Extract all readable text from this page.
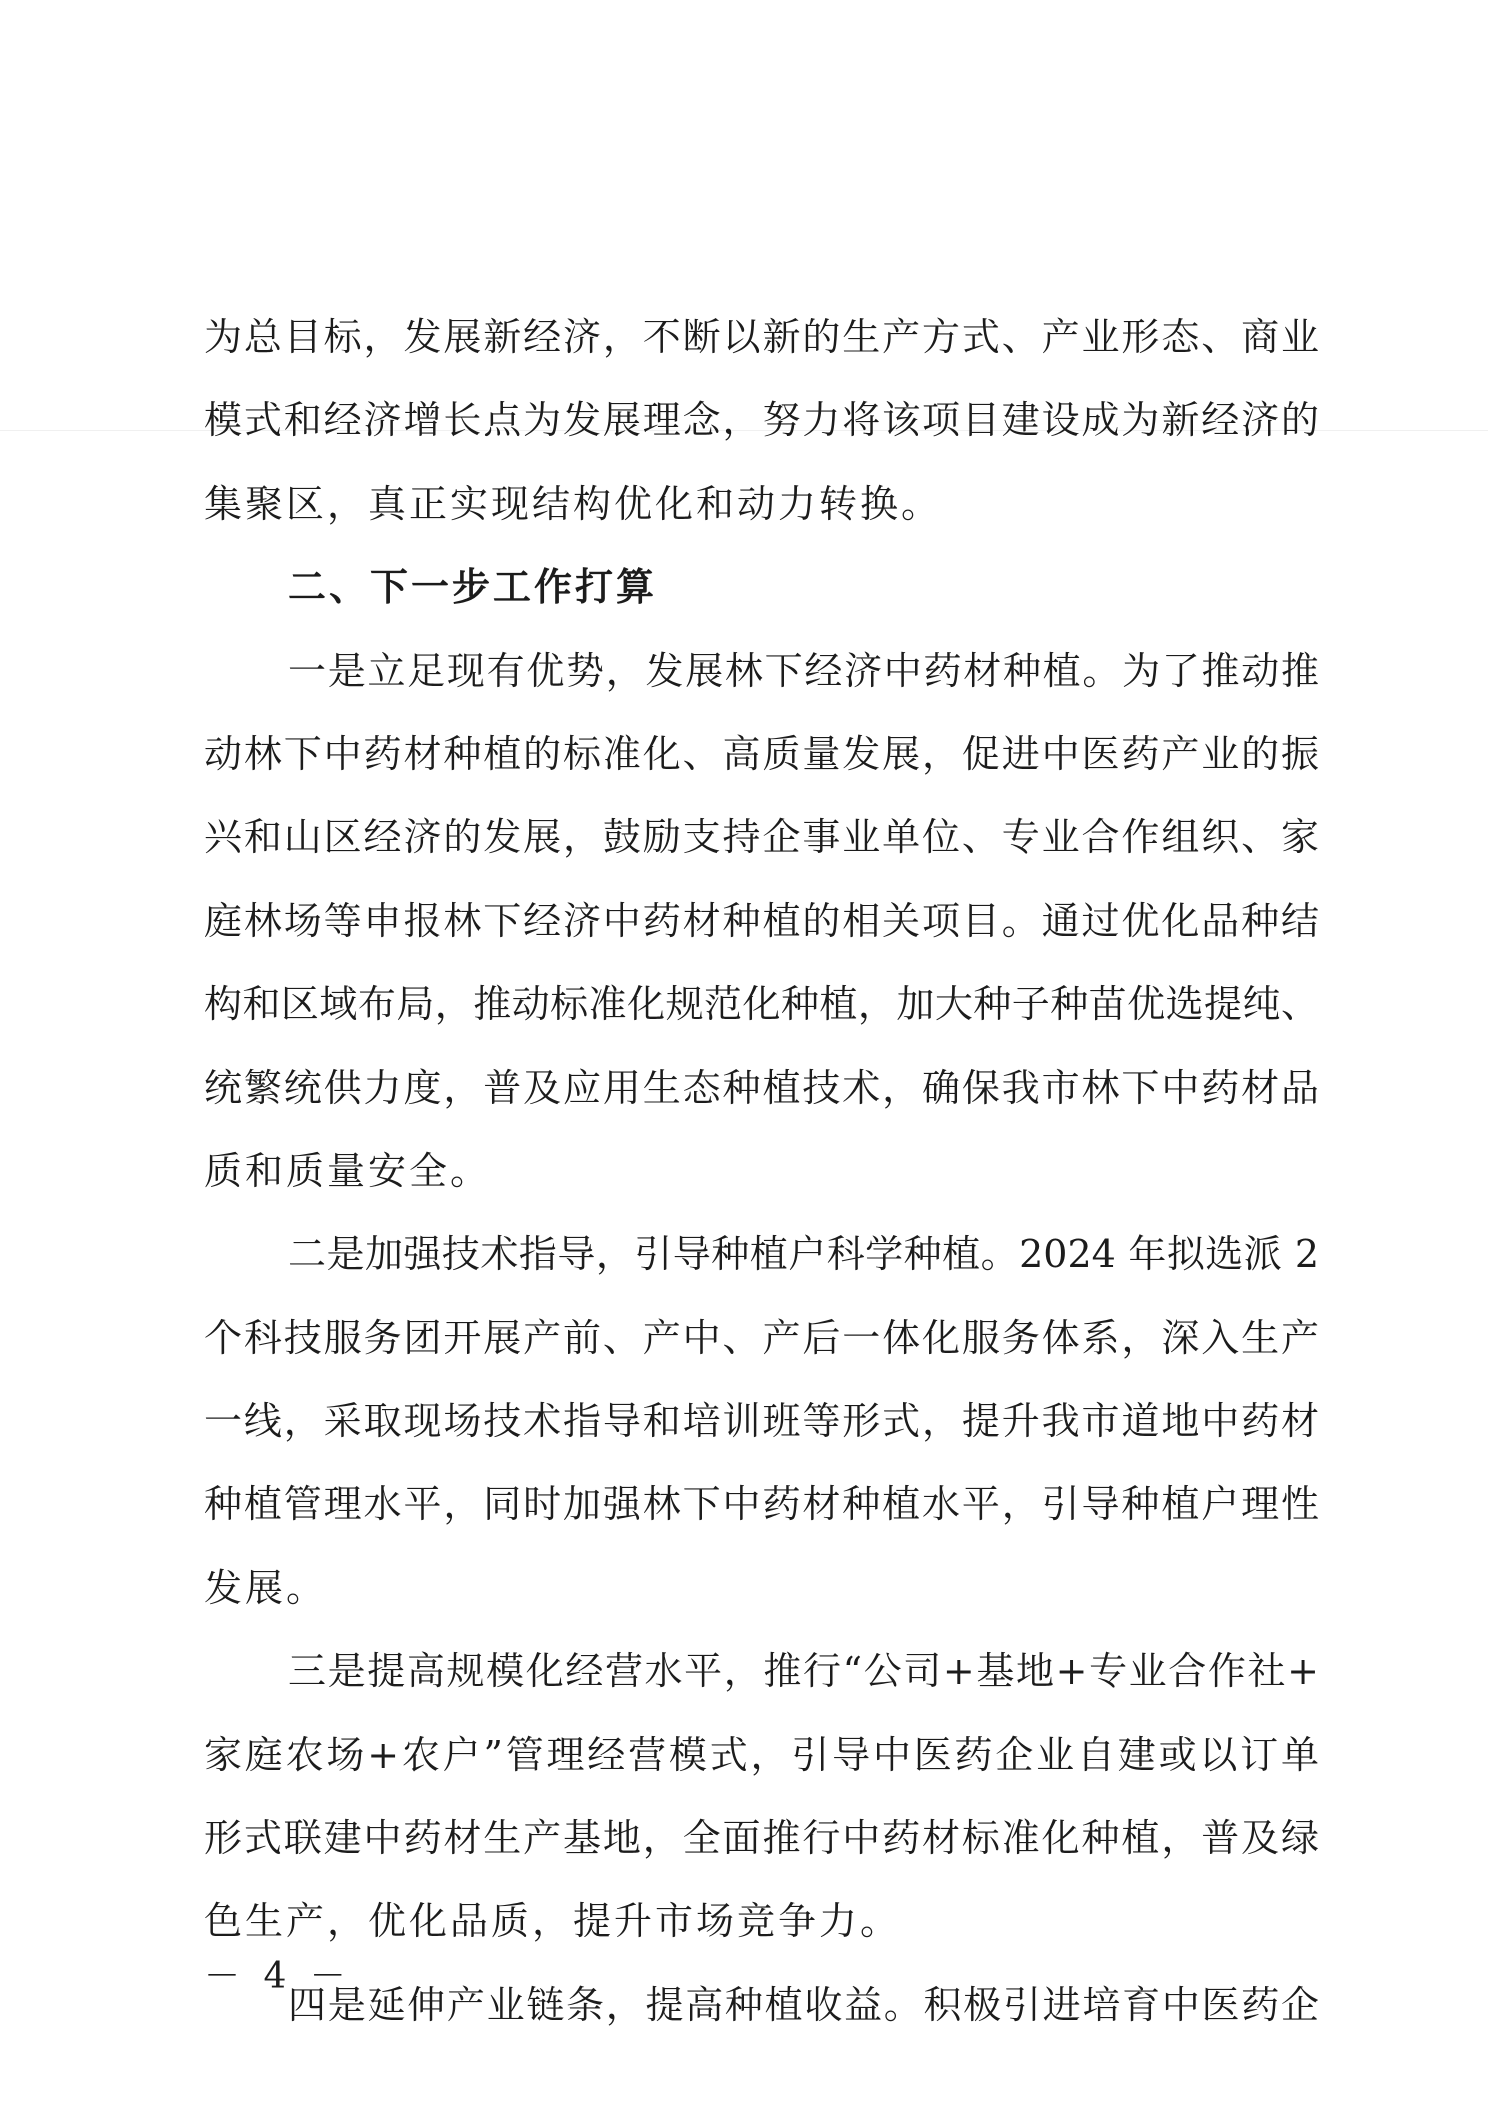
为总目标，发展新经济，不断以新的生产方式、产业形态、商业
模式和经济增长点为发展理念，努力将该项目建设成为新经济的
集聚区，真正实现结构优化和动力转换。
二、下一步工作打算
一是立足现有优势，发展林下经济中药材种植。为了推动推
动林下中药材种植的标准化、高质量发展，促进中医药产业的振
兴和山区经济的发展，鼓励支持企事业单位、专业合作组织、家
庭林场等申报林下经济中药材种植的相关项目。通过优化品种结
构和区域布局，推动标准化规范化种植，加大种子种苗优选提纯、
统繁统供力度，普及应用生态种植技术，确保我市林下中药材品
质和质量安全。
二是加强技术指导，引导种植户科学种植。2024 年拟选派 2
个科技服务团开展产前、产中、产后一体化服务体系，深入生产
一线，采取现场技术指导和培训班等形式，提升我市道地中药材
种植管理水平，同时加强林下中药材种植水平，引导种植户理性
发展。
三是提高规模化经营水平，推行“公司+基地+专业合作社+
家庭农场+农户”管理经营模式，引导中医药企业自建或以订单
形式联建中药材生产基地，全面推行中药材标准化种植，普及绿
色生产，优化品质，提升市场竞争力。
四是延伸产业链条，提高种植收益。积极引进培育中医药企
－ 4 －
